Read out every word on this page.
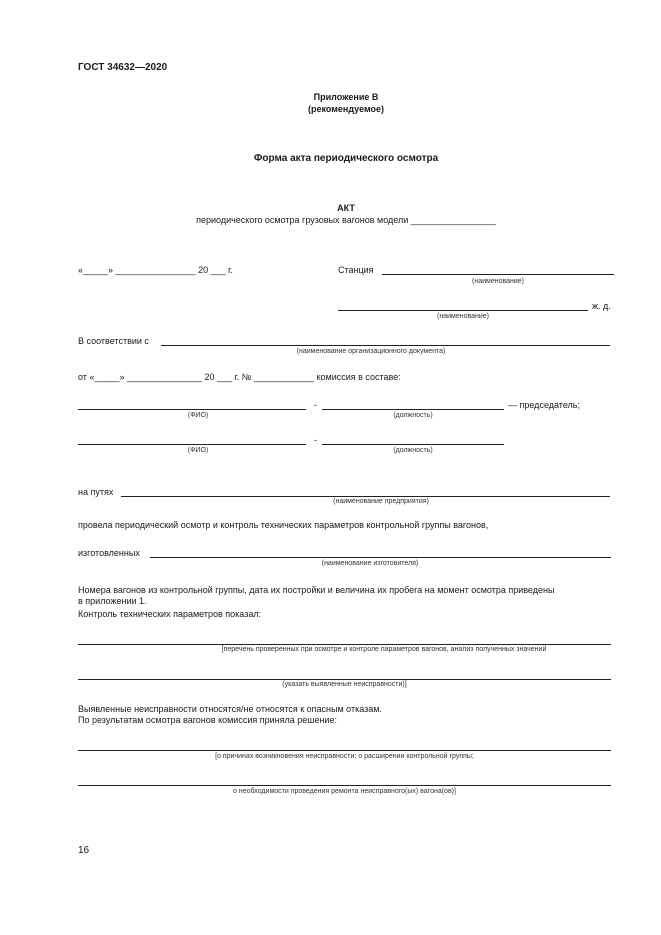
ГОСТ 34632—2020
Приложение В
(рекомендуемое)
Форма акта периодического осмотра
АКТ
периодического осмотра грузовых вагонов модели _________________
«_____» ________________ 20 ___ г.	Станция
(наименование)
ж. д.
(наименование)
В соответствии с
(наименование организационного документа)
от «_____» _______________ 20 ___ г. № ____________ комиссия в составе:
-	— председатель;
(ФИО)	(должность)
-
(ФИО)	(должность)
на путях
(наименование предприятия)
провела периодический осмотр и контроль технических параметров контрольной группы вагонов,
изготовленных
(наименование изготовителя)
Номера вагонов из контрольной группы, дата их постройки и величина их пробега на момент осмотра приведены
в приложении 1.
Контроль технических параметров показал:
[перечень проверенных при осмотре и контроле параметров вагонов, анализ полученных значений
(указать выявленные неисправности)]
Выявленные неисправности относятся/не относятся к опасным отказам.
По результатам осмотра вагонов комиссия приняла решение:
[о причинах возникновения неисправности; о расширении контрольной группы;
о необходимости проведения ремонта неисправного(ых) вагона(ов)]
16
